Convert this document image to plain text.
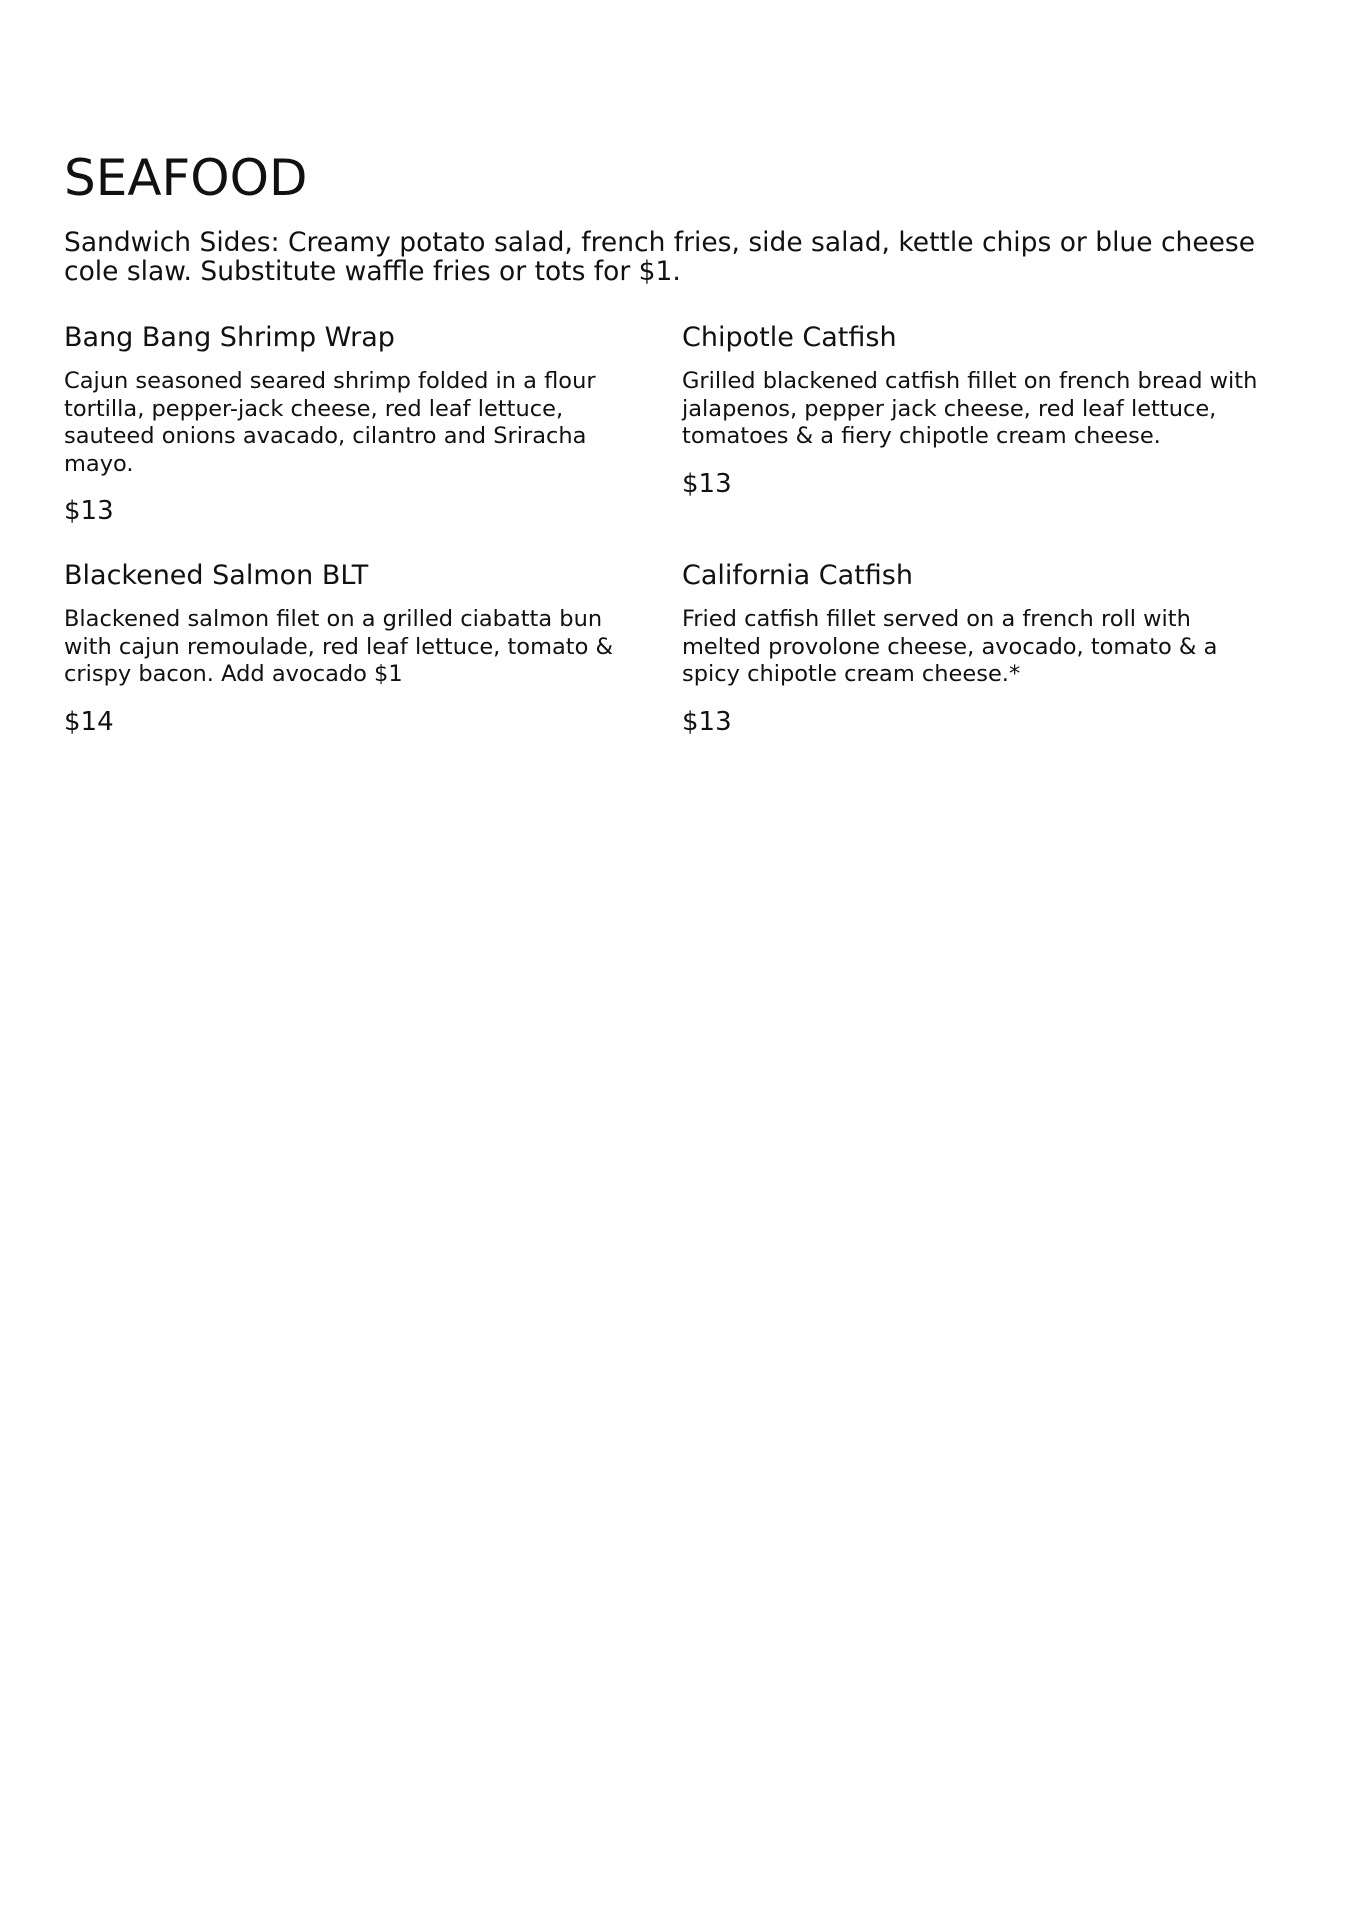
SEAFOOD

Sandwich Sides: Creamy potato salad, french fries, side salad, kettle chips or blue cheese cole slaw. Substitute waffle fries or tots for $1.

Bang Bang Shrimp Wrap

Cajun seasoned seared shrimp folded in a flour tortilla, pepper-jack cheese, red leaf lettuce, sauteed onions avacado, cilantro and Sriracha mayo.

$13

Chipotle Catfish

Grilled blackened catfish fillet on french bread with jalapenos, pepper jack cheese, red leaf lettuce, tomatoes & a fiery chipotle cream cheese.

$13

Blackened Salmon BLT

Blackened salmon filet on a grilled ciabatta bun with cajun remoulade, red leaf lettuce, tomato & crispy bacon. Add avocado $1

$14

California Catfish

Fried catfish fillet served on a french roll with melted provolone cheese, avocado, tomato & a spicy chipotle cream cheese.*

$13
